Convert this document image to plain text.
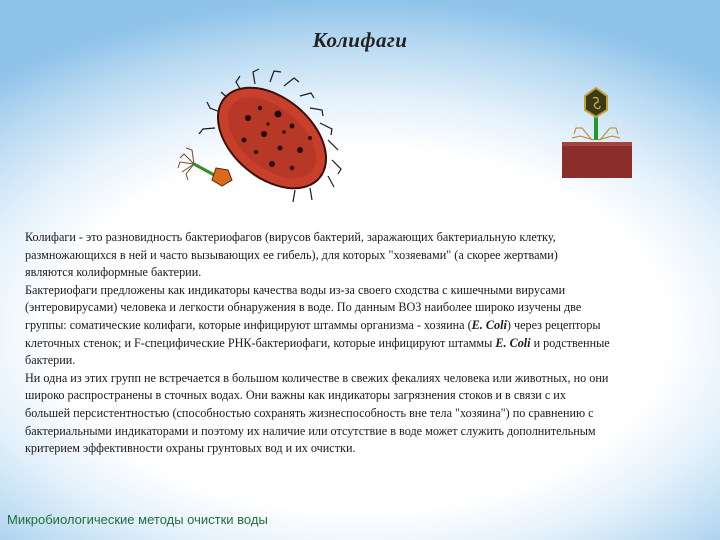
Колифаги

Колифаги - это разновидность бактериофагов (вирусов бактерий, заражающих бактериальную клетку,
размножающихся в ней и часто вызывающих ее гибель), для которых "хозяевами" (а скорее жертвами)
являются колиформные бактерии.

Бактериофаги предложены как индикаторы качества воды из-за своего сходства с кишечными вирусами
(энтеровирусами) человека и легкости обнаружения в воде. По данным ВОЗ наиболее широко изучены две
группы: соматические колифаги, которые инфицируют штаммы организма - хозяина (E. Coli) через рецепторы
клеточных стенок; и F-специфические РНК-бактериофаги, которые инфицируют штаммы E. Coli и родственные
бактерии.

Ни одна из этих групп не встречается в большом количестве в свежих фекалиях человека или животных, но они
широко распространены в сточных водах. Они важны как индикаторы загрязнения стоков и в связи с их
большей персистентностью (способностью сохранять жизнеспособность вне тела "хозяина") по сравнению с
бактериальными индикаторами и поэтому их наличие или отсутствие в воде может служить дополнительным
критерием эффективности охраны грунтовых вод и их очистки.

Микробиологические методы очистки воды
